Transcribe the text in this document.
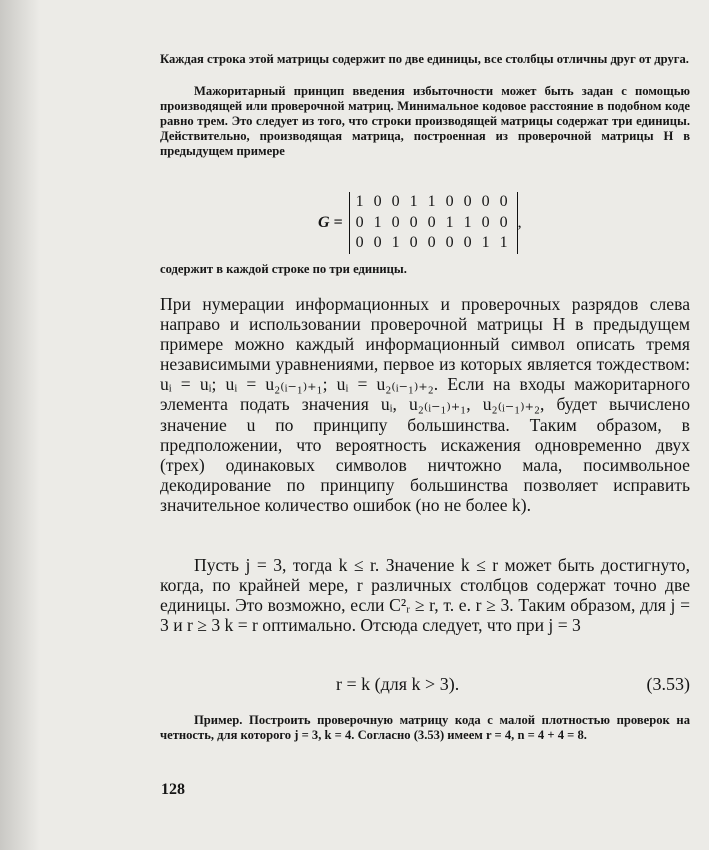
Каждая строка этой матрицы содержит по две единицы, все столбцы отличны друг от друга.

Мажоритарный принцип введения избыточности может быть задан с помощью производящей или проверочной матриц. Минимальное кодовое расстояние в подобном коде равно трем. Это следует из того, что строки производящей матрицы содержат три единицы. Действительно, производящая матрица, построенная из проверочной матрицы H в предыдущем примере

G =
1 0 0 1 1 0 0 0 0
0 1 0 0 0 1 1 0 0
0 0 1 0 0 0 0 1 1
,

содержит в каждой строке по три единицы.

При нумерации информационных и проверочных разрядов слева направо и использовании проверочной матрицы H в предыдущем примере можно каждый информационный символ описать тремя независимыми уравнениями, первое из которых является тождеством: uᵢ = uᵢ; uᵢ = u₂₍ᵢ₋₁₎₊₁; uᵢ = u₂₍ᵢ₋₁₎₊₂. Если на входы мажоритарного элемента подать значения uᵢ, u₂₍ᵢ₋₁₎₊₁, u₂₍ᵢ₋₁₎₊₂, будет вычислено значение u по принципу большинства. Таким образом, в предположении, что вероятность искажения одновременно двух (трех) одинаковых символов ничтожно мала, посимвольное декодирование по принципу большинства позволяет исправить значительное количество ошибок (но не более k).

Пусть j = 3, тогда k ≤ r. Значение k ≤ r может быть достигнуто, когда, по крайней мере, r различных столбцов содержат точно две единицы. Это возможно, если C²ᵣ ≥ r, т. е. r ≥ 3. Таким образом, для j = 3 и r ≥ 3 k = r оптимально. Отсюда следует, что при j = 3

r = k (для k > 3).	(3.53)
Пример. Построить проверочную матрицу кода с малой плотностью проверок на четность, для которого j = 3, k = 4. Согласно (3.53) имеем r = 4, n = 4 + 4 = 8.
128
